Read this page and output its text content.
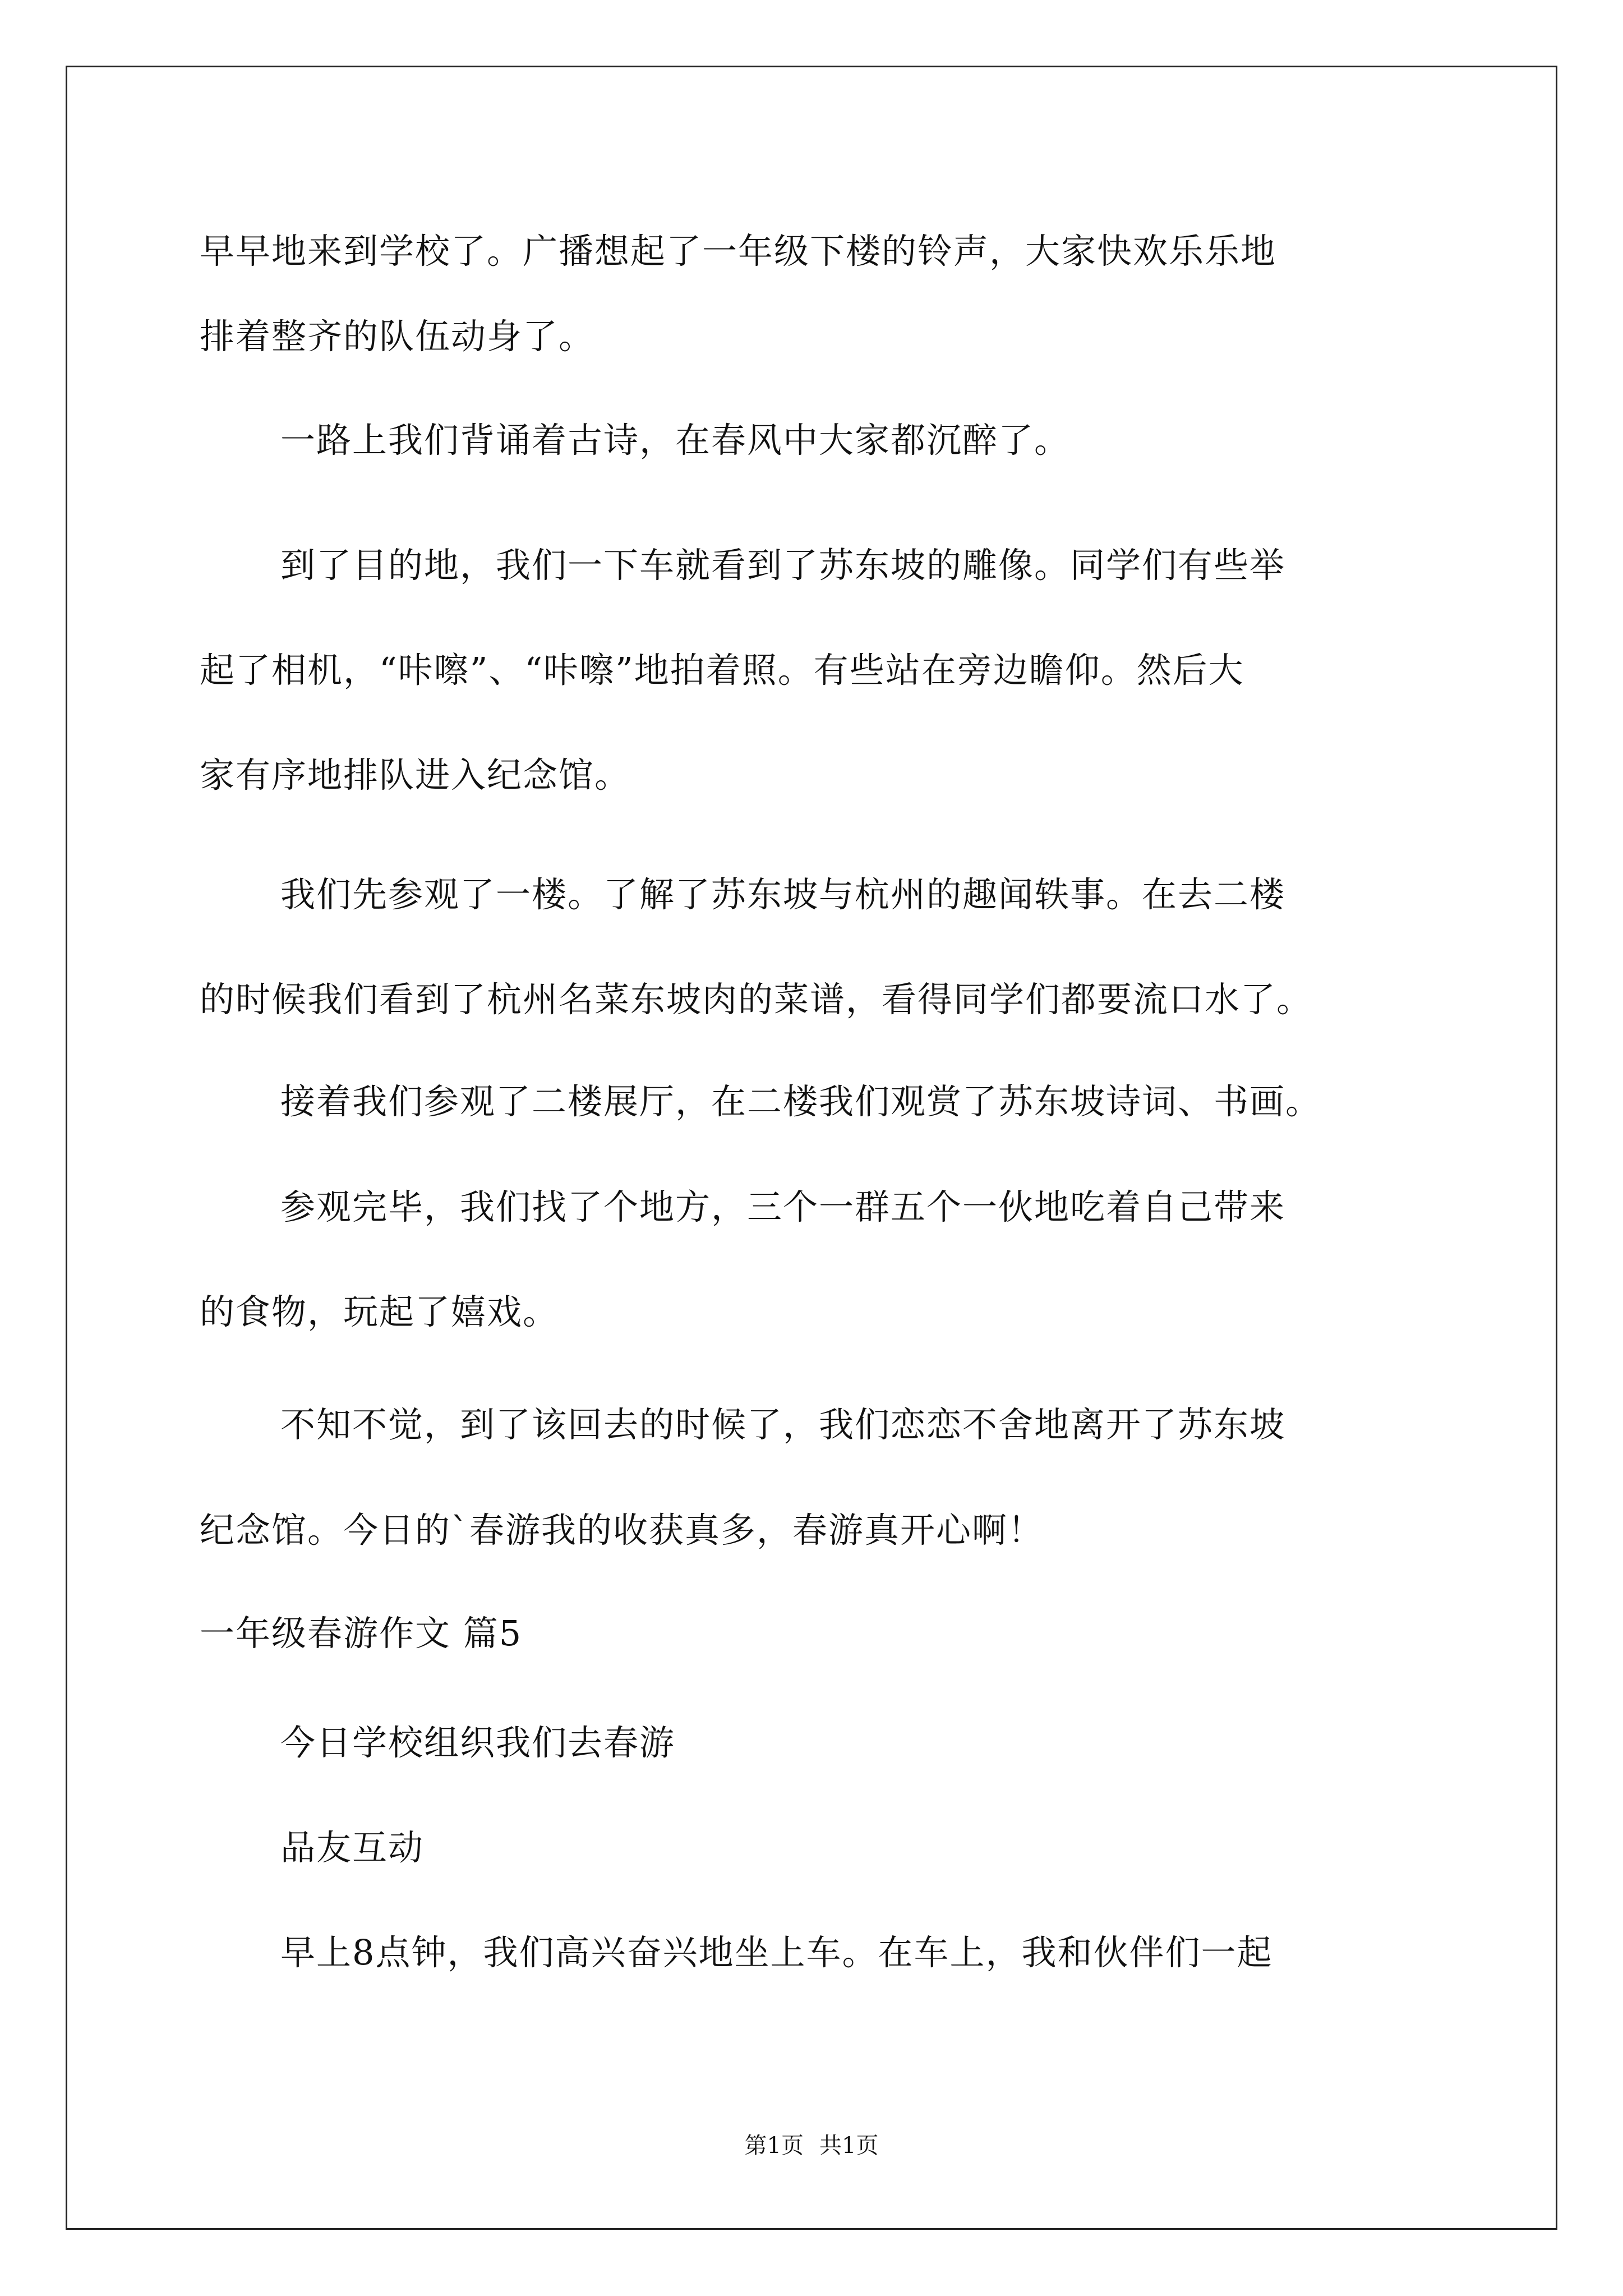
早早地来到学校了。广播想起了一年级下楼的铃声，大家快欢乐乐地
排着整齐的队伍动身了。
一路上我们背诵着古诗，在春风中大家都沉醉了。
到了目的地，我们一下车就看到了苏东坡的雕像。同学们有些举
起了相机，“咔嚓”、“咔嚓”地拍着照。有些站在旁边瞻仰。然后大
家有序地排队进入纪念馆。
我们先参观了一楼。了解了苏东坡与杭州的趣闻轶事。在去二楼
的时候我们看到了杭州名菜东坡肉的菜谱，看得同学们都要流口水了。
接着我们参观了二楼展厅，在二楼我们观赏了苏东坡诗词、书画。
参观完毕，我们找了个地方，三个一群五个一伙地吃着自己带来
的食物，玩起了嬉戏。
不知不觉，到了该回去的时候了，我们恋恋不舍地离开了苏东坡
纪念馆。今日的`春游我的收获真多，春游真开心啊！
一年级春游作文 篇5
今日学校组织我们去春游
品友互动
早上8点钟，我们高兴奋兴地坐上车。在车上，我和伙伴们一起
第1页 共1页
